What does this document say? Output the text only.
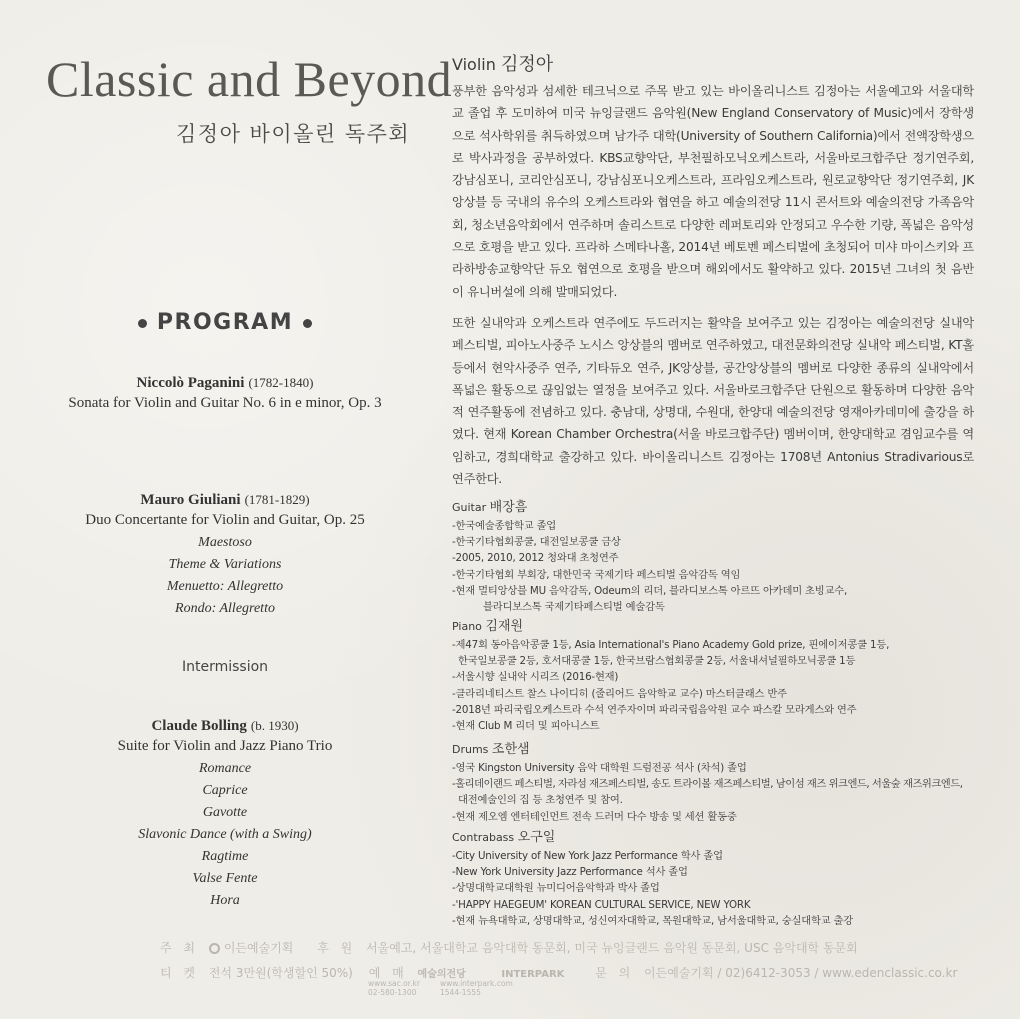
Classic and Beyond
김정아 바이올린 독주회
PROGRAM
Niccolò Paganini (1782-1840)
Sonata for Violin and Guitar No. 6 in e minor, Op. 3
Mauro Giuliani (1781-1829)
Duo Concertante for Violin and Guitar, Op. 25
Maestoso
Theme & Variations
Menuetto: Allegretto
Rondo: Allegretto
Intermission
Claude Bolling (b. 1930)
Suite for Violin and Jazz Piano Trio
Romance
Caprice
Gavotte
Slavonic Dance (with a Swing)
Ragtime
Valse Fente
Hora
Violin 김정아
풍부한 음악성과 섬세한 테크닉으로 주목 받고 있는 바이올리니스트 김정아는 서울예고와 서울대학교 졸업 후 도미하여 미국 뉴잉글랜드 음악원(New England Conservatory of Music)에서 장학생으로 석사학위를 취득하였으며 남가주 대학(University of Southern California)에서 전액장학생으로 박사과정을 공부하였다. KBS교향악단, 부천필하모닉오케스트라, 서울바로크합주단 정기연주회, 강남심포니, 코리안심포니, 강남심포니오케스트라, 프라임오케스트라, 원로교향악단 정기연주회, JK앙상블 등 국내의 유수의 오케스트라와 협연을 하고 예술의전당 11시 콘서트와 예술의전당 가족음악회, 청소년음악회에서 연주하며 솔리스트로 다양한 레퍼토리와 안정되고 우수한 기량, 폭넓은 음악성으로 호평을 받고 있다. 프라하 스메타나홀, 2014년 베토벤 페스티벌에 초청되어 미샤 마이스키와 프라하방송교향악단 듀오 협연으로 호평을 받으며 해외에서도 활약하고 있다. 2015년 그녀의 첫 음반이 유니버설에 의해 발매되었다.
또한 실내악과 오케스트라 연주에도 두드러지는 활약을 보여주고 있는 김정아는 예술의전당 실내악 페스티벌, 피아노사중주 노시스 앙상블의 멤버로 연주하였고, 대전문화의전당 실내악 페스티벌, KT홀 등에서 현악사중주 연주, 기타듀오 연주, JK앙상블, 공간앙상블의 멤버로 다양한 종류의 실내악에서 폭넓은 활동으로 끊임없는 열정을 보여주고 있다. 서울바로크합주단 단원으로 활동하며 다양한 음악적 연주활동에 전념하고 있다. 충남대, 상명대, 수원대, 한양대 예술의전당 영재아카데미에 출강을 하였다. 현재 Korean Chamber Orchestra(서울 바로크합주단) 멤버이며, 한양대학교 겸임교수를 역임하고, 경희대학교 출강하고 있다. 바이올리니스트 김정아는 1708년 Antonius Stradivarious로 연주한다.
Guitar 배장흠
-한국예술종합학교 졸업
-한국기타협회콩쿨, 대전일보콩쿨 금상
-2005, 2010, 2012 청와대 초청연주
-한국기타협회 부회장, 대한민국 국제기타 페스티벌 음악감독 역임
-현재 멀티앙상블 MU 음악감독, Odeum의 리더, 블라디보스톡 아르뜨 아카데미 초빙교수,
블라디보스톡 국제기타페스티벌 예술감독
Piano 김재원
-제47회 동아음악콩쿨 1등, Asia International's Piano Academy Gold prize, 핀에이저콩쿨 1등,
한국일보콩쿨 2등, 호서대콩쿨 1등, 한국브람스협회콩쿨 2등, 서울내셔널필하모닉콩쿨 1등
-서울시향 실내악 시리즈 (2016-현재)
-클라리네티스트 찰스 나이디히 (줄리어드 음악학교 교수) 마스터클래스 반주
-2018년 파리국립오케스트라 수석 연주자이며 파리국립음악원 교수 파스칼 모라게스와 연주
-현재 Club M 리더 및 피아니스트
Drums 조한샘
-영국 Kingston University 음악 대학원 드럼전공 석사 (차석) 졸업
-홀리데이랜드 페스티벌, 자라섬 재즈페스티벌, 송도 트라이볼 재즈페스티벌, 남이섬 재즈 위크엔드, 서울숲 재즈위크엔드,
대전예술인의 집 등 초청연주 및 참여.
-현재 제오엠 엔터테인먼트 전속 드러머 다수 방송 및 세션 활동중
Contrabass 오구일
-City University of New York Jazz Performance 학사 졸업
-New York University Jazz Performance 석사 졸업
-상명대학교대학원 뉴미디어음악학과 박사 졸업
-'HAPPY HAEGEUM' KOREAN CULTURAL SERVICE, NEW YORK
-현재 뉴욕대학교, 상명대학교, 성신여자대학교, 목원대학교, 남서울대학교, 숭실대학교 출강
주 최 이든예술기획 후 원 서울예고, 서울대학교 음악대학 동문회, 미국 뉴잉글랜드 음악원 동문회, USC 음악대학 동문회
티 켓 전석 3만원(학생할인 50%) 예 매 예술의전당	INTERPARK	문 의 이든예술기획 / 02)6412-3053 / www.edenclassic.co.kr
www.sac.or.kr
02-580-1300
www.interpark.com
1544-1555
